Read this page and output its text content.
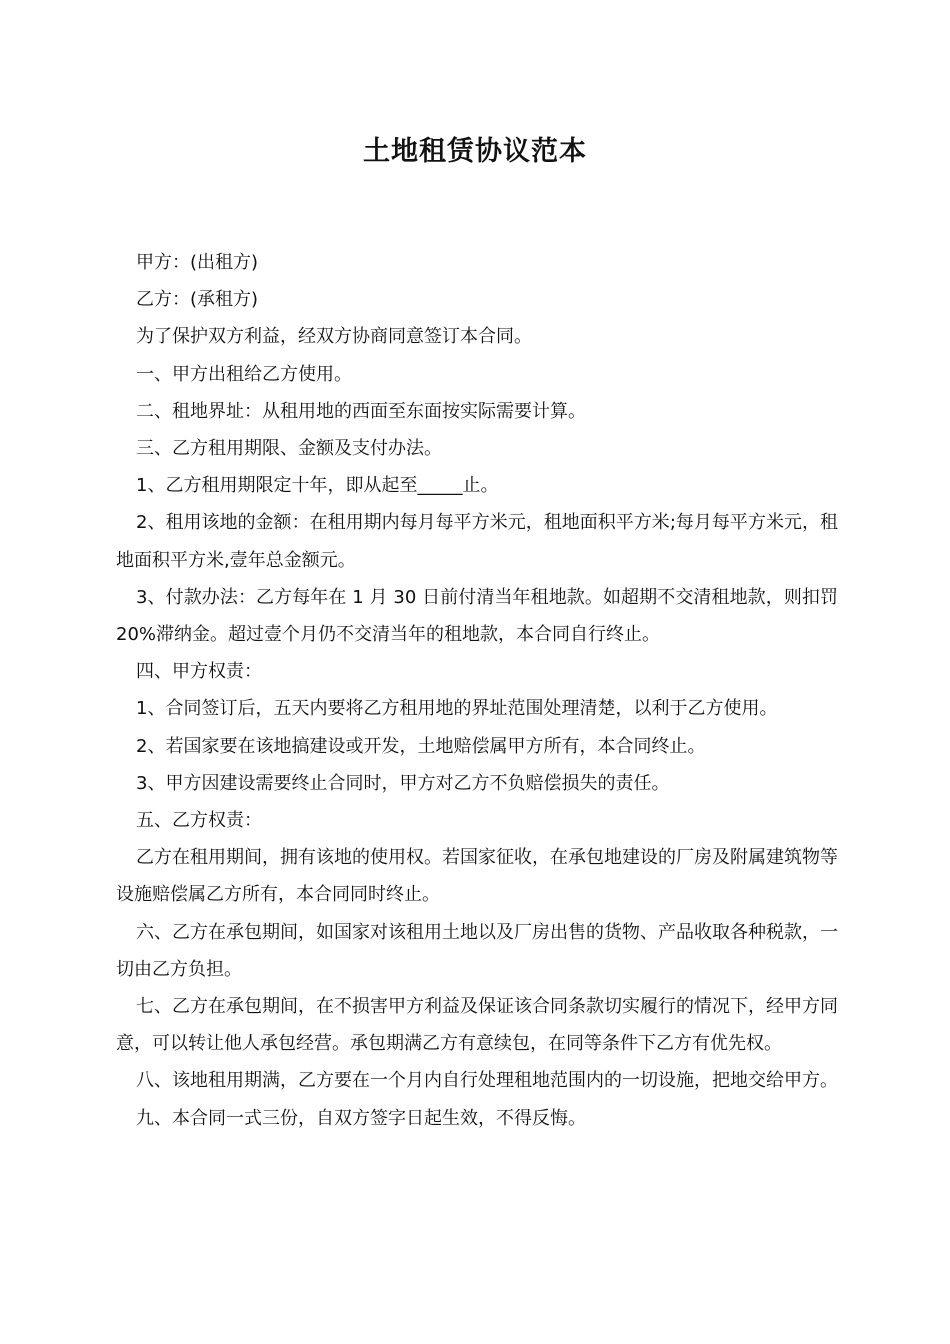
土地租赁协议范本

甲方：(出租方)

乙方：(承租方)

为了保护双方利益，经双方协商同意签订本合同。

一、甲方出租给乙方使用。

二、租地界址：从租用地的西面至东面按实际需要计算。

三、乙方租用期限、金额及支付办法。

1、乙方租用期限定十年，即从起至_____止。

2、租用该地的金额：在租用期内每月每平方米元，租地面积平方米;每月每平方米元，租地面积平方米,壹年总金额元。

3、付款办法：乙方每年在 1 月 30 日前付清当年租地款。如超期不交清租地款，则扣罚 20%滞纳金。超过壹个月仍不交清当年的租地款，本合同自行终止。

四、甲方权责：

1、合同签订后，五天内要将乙方租用地的界址范围处理清楚，以利于乙方使用。

2、若国家要在该地搞建设或开发，土地赔偿属甲方所有，本合同终止。

3、甲方因建设需要终止合同时，甲方对乙方不负赔偿损失的责任。

五、乙方权责：

乙方在租用期间，拥有该地的使用权。若国家征收，在承包地建设的厂房及附属建筑物等设施赔偿属乙方所有，本合同同时终止。

六、乙方在承包期间，如国家对该租用土地以及厂房出售的货物、产品收取各种税款，一切由乙方负担。

七、乙方在承包期间，在不损害甲方利益及保证该合同条款切实履行的情况下，经甲方同意，可以转让他人承包经营。承包期满乙方有意续包，在同等条件下乙方有优先权。

八、该地租用期满，乙方要在一个月内自行处理租地范围内的一切设施，把地交给甲方。

九、本合同一式三份，自双方签字日起生效，不得反悔。
